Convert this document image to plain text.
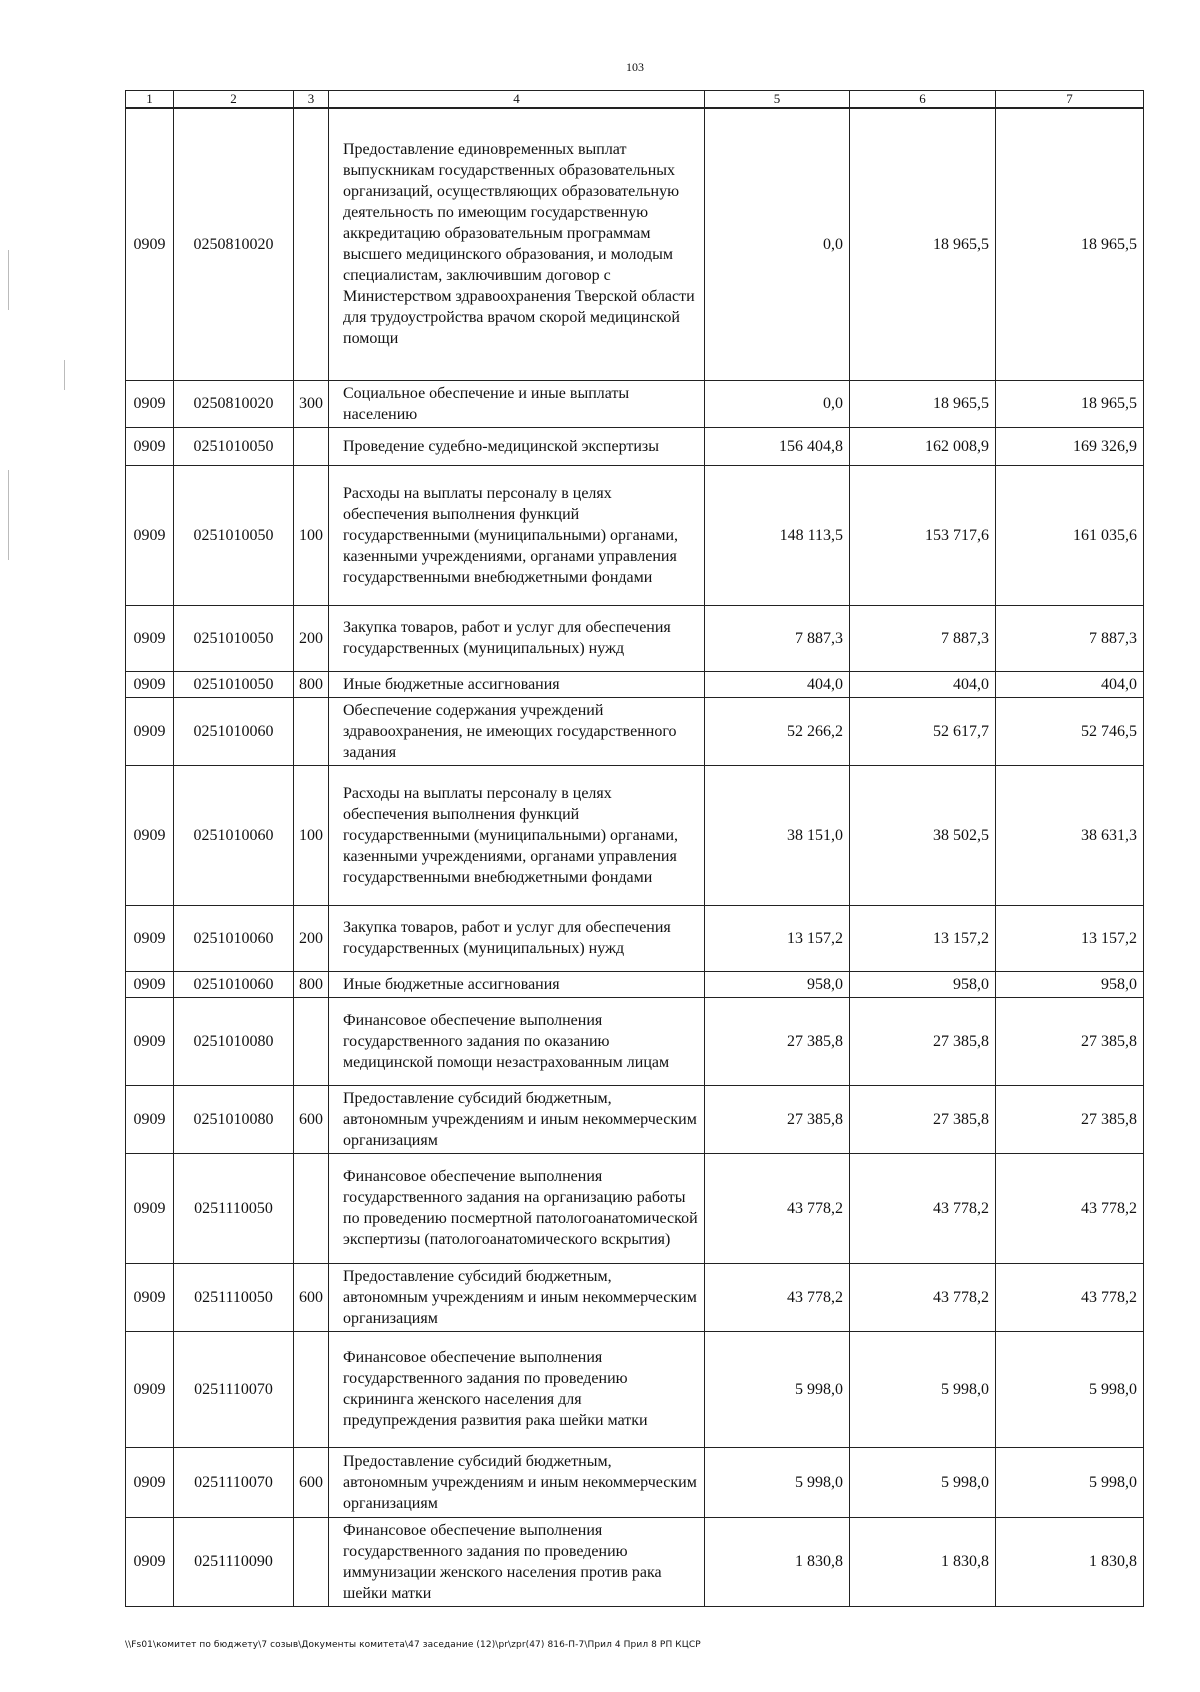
103
1	2	3	4	5	6	7
0909	0250810020		Предоставление единовременных выплат выпускникам государственных образовательных организаций, осуществляющих образовательную деятельность по имеющим государственную аккредитацию образовательным программам высшего медицинского образования, и молодым специалистам, заключившим договор с Министерством здравоохранения Тверской области для трудоустройства врачом скорой медицинской помощи	0,0	18 965,5	18 965,5
0909	0250810020	300	Социальное обеспечение и иные выплаты населению	0,0	18 965,5	18 965,5
0909	0251010050		Проведение судебно-медицинской экспертизы	156 404,8	162 008,9	169 326,9
0909	0251010050	100	Расходы на выплаты персоналу в целях обеспечения выполнения функций государственными (муниципальными) органами, казенными учреждениями, органами управления государственными внебюджетными фондами	148 113,5	153 717,6	161 035,6
0909	0251010050	200	Закупка товаров, работ и услуг для обеспечения государственных (муниципальных) нужд	7 887,3	7 887,3	7 887,3
0909	0251010050	800	Иные бюджетные ассигнования	404,0	404,0	404,0
0909	0251010060		Обеспечение содержания учреждений здравоохранения, не имеющих государственного задания	52 266,2	52 617,7	52 746,5
0909	0251010060	100	Расходы на выплаты персоналу в целях обеспечения выполнения функций государственными (муниципальными) органами, казенными учреждениями, органами управления государственными внебюджетными фондами	38 151,0	38 502,5	38 631,3
0909	0251010060	200	Закупка товаров, работ и услуг для обеспечения государственных (муниципальных) нужд	13 157,2	13 157,2	13 157,2
0909	0251010060	800	Иные бюджетные ассигнования	958,0	958,0	958,0
0909	0251010080		Финансовое обеспечение выполнения государственного задания по оказанию медицинской помощи незастрахованным лицам	27 385,8	27 385,8	27 385,8
0909	0251010080	600	Предоставление субсидий бюджетным, автономным учреждениям и иным некоммерческим организациям	27 385,8	27 385,8	27 385,8
0909	0251110050		Финансовое обеспечение выполнения государственного задания на организацию работы по проведению посмертной патологоанатомической экспертизы (патологоанатомического вскрытия)	43 778,2	43 778,2	43 778,2
0909	0251110050	600	Предоставление субсидий бюджетным, автономным учреждениям и иным некоммерческим организациям	43 778,2	43 778,2	43 778,2
0909	0251110070		Финансовое обеспечение выполнения государственного задания по проведению скрининга женского населения для предупреждения развития рака шейки матки	5 998,0	5 998,0	5 998,0
0909	0251110070	600	Предоставление субсидий бюджетным, автономным учреждениям и иным некоммерческим организациям	5 998,0	5 998,0	5 998,0
0909	0251110090		Финансовое обеспечение выполнения государственного задания по проведению иммунизации женского населения против рака шейки матки	1 830,8	1 830,8	1 830,8
\\Fs01\комитет по бюджету\7 созыв\Документы комитета\47 заседание (12)\pr\zpr(47) 816-П-7\Прил 4 Прил 8 РП КЦСР
